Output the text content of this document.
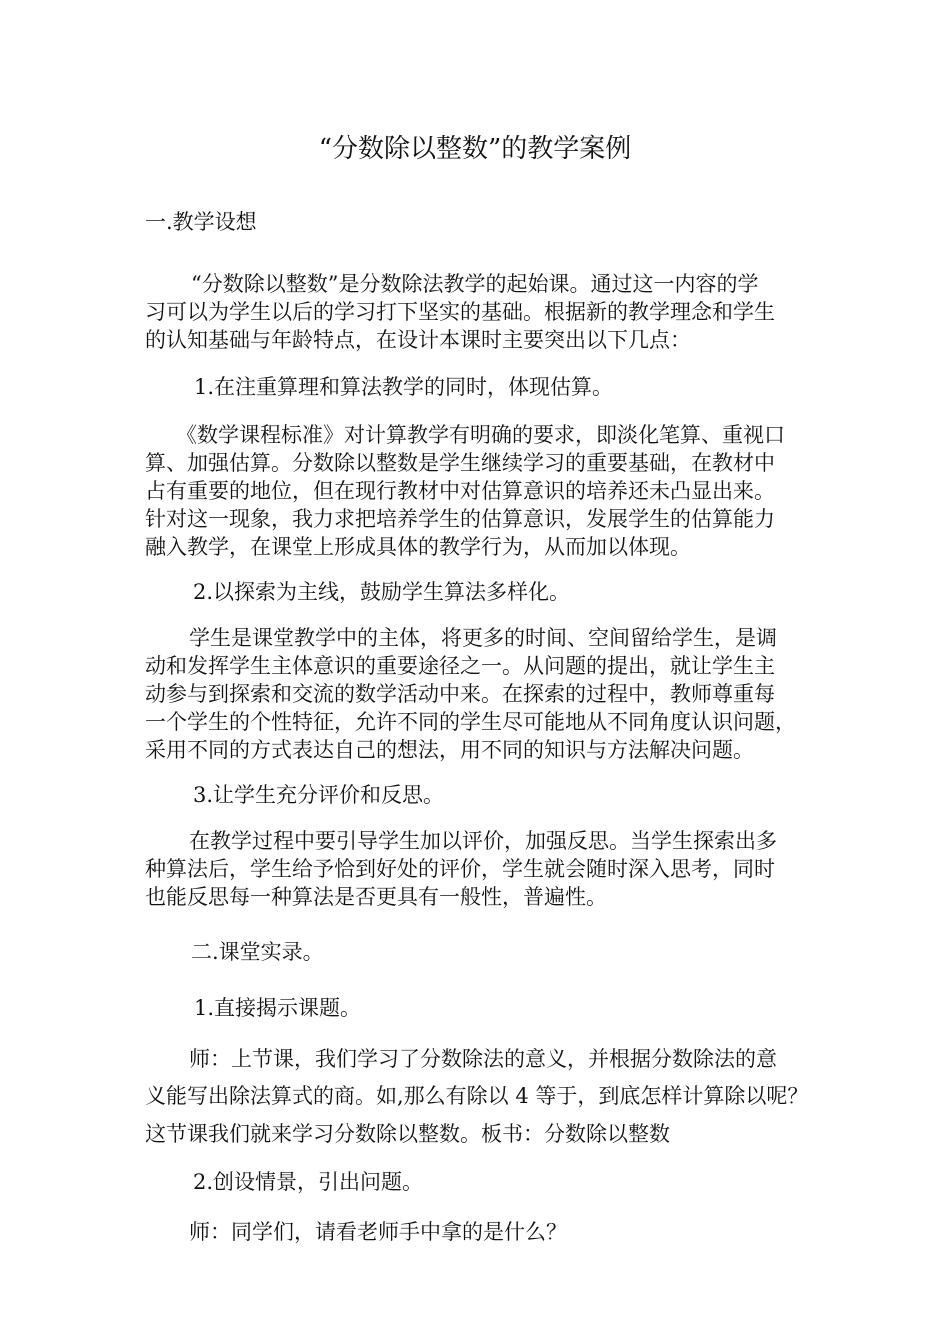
“分数除以整数”的教学案例
一.教学设想
“分数除以整数”是分数除法教学的起始课。通过这一内容的学
习可以为学生以后的学习打下坚实的基础。根据新的教学理念和学生
的认知基础与年龄特点，在设计本课时主要突出以下几点：
1.在注重算理和算法教学的同时，体现估算。
《数学课程标准》对计算教学有明确的要求，即淡化笔算、重视口
算、加强估算。分数除以整数是学生继续学习的重要基础，在教材中
占有重要的地位，但在现行教材中对估算意识的培养还未凸显出来。
针对这一现象，我力求把培养学生的估算意识，发展学生的估算能力
融入教学，在课堂上形成具体的教学行为，从而加以体现。
2.以探索为主线，鼓励学生算法多样化。
学生是课堂教学中的主体，将更多的时间、空间留给学生，是调
动和发挥学生主体意识的重要途径之一。从问题的提出，就让学生主
动参与到探索和交流的数学活动中来。在探索的过程中，教师尊重每
一个学生的个性特征，允许不同的学生尽可能地从不同角度认识问题，
采用不同的方式表达自己的想法，用不同的知识与方法解决问题。
3.让学生充分评价和反思。
在教学过程中要引导学生加以评价，加强反思。当学生探索出多
种算法后，学生给予恰到好处的评价，学生就会随时深入思考，同时
也能反思每一种算法是否更具有一般性，普遍性。
二.课堂实录。
1.直接揭示课题。
师：上节课，我们学习了分数除法的意义，并根据分数除法的意
义能写出除法算式的商。如,那么有除以 4 等于，到底怎样计算除以呢？
这节课我们就来学习分数除以整数。板书：分数除以整数
2.创设情景，引出问题。
师：同学们，请看老师手中拿的是什么？
